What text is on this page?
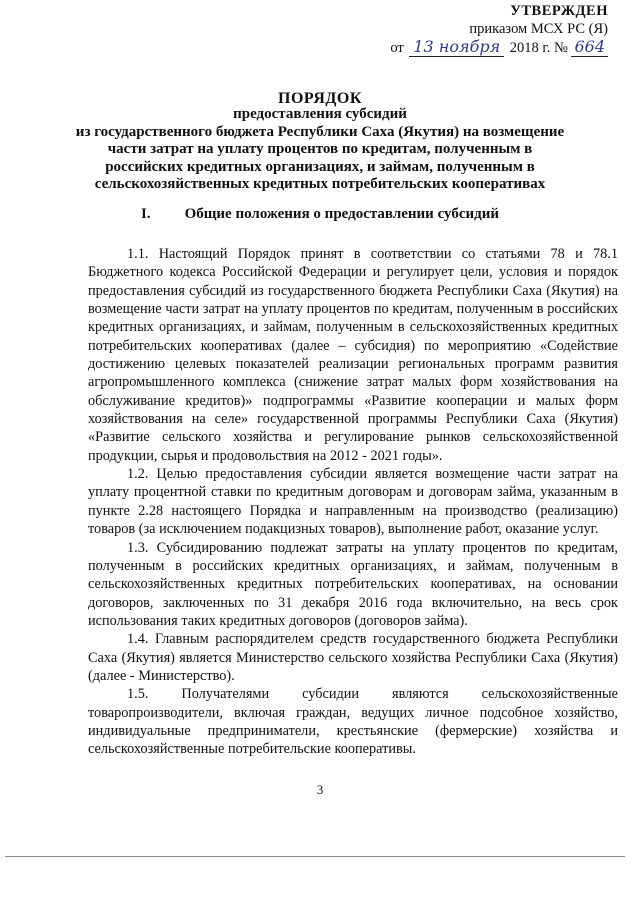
УТВЕРЖДЕН
приказом МСХ РС (Я)
от 13 ноября 2018 г. № 664
ПОРЯДОК
предоставления субсидий
из государственного бюджета Республики Саха (Якутия) на возмещение
части затрат на уплату процентов по кредитам, полученным в
российских кредитных организациях, и займам, полученным в
сельскохозяйственных кредитных потребительских кооперативах
I. Общие положения о предоставлении субсидий

1.1. Настоящий Порядок принят в соответствии со статьями 78 и 78.1 Бюджетного кодекса Российской Федерации и регулирует цели, условия и порядок предоставления субсидий из государственного бюджета Республики Саха (Якутия) на возмещение части затрат на уплату процентов по кредитам, полученным в российских кредитных организациях, и займам, полученным в сельскохозяйственных кредитных потребительских кооперативах (далее – субсидия) по мероприятию «Содействие достижению целевых показателей реализации региональных программ развития агропромышленного комплекса (снижение затрат малых форм хозяйствования на обслуживание кредитов)» подпрограммы «Развитие кооперации и малых форм хозяйствования на селе» государственной программы Республики Саха (Якутия) «Развитие сельского хозяйства и регулирование рынков сельскохозяйственной продукции, сырья и продовольствия на 2012 - 2021 годы».

1.2. Целью предоставления субсидии является возмещение части затрат на уплату процентной ставки по кредитным договорам и договорам займа, указанным в пункте 2.28 настоящего Порядка и направленным на производство (реализацию) товаров (за исключением подакцизных товаров), выполнение работ, оказание услуг.

1.3. Субсидированию подлежат затраты на уплату процентов по кредитам, полученным в российских кредитных организациях, и займам, полученным в сельскохозяйственных кредитных потребительских кооперативах, на основании договоров, заключенных по 31 декабря 2016 года включительно, на весь срок использования таких кредитных договоров (договоров займа).

1.4. Главным распорядителем средств государственного бюджета Республики Саха (Якутия) является Министерство сельского хозяйства Республики Саха (Якутия) (далее - Министерство).

1.5. Получателями субсидии являются сельскохозяйственные товаропроизводители, включая граждан, ведущих личное подсобное хозяйство, индивидуальные предприниматели, крестьянские (фермерские) хозяйства и сельскохозяйственные потребительские кооперативы.

3
